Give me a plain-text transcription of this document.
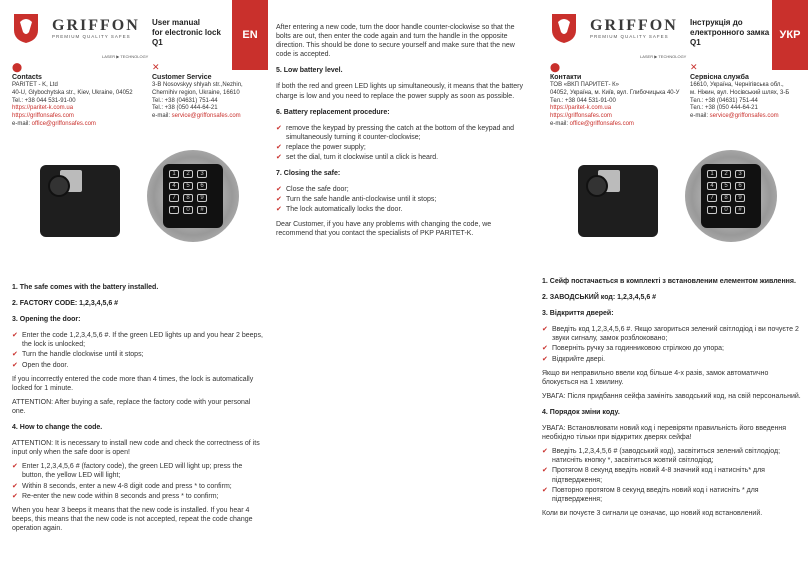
GRIFFON
PREMIUM QUALITY SAFES
LASER ▶ TECHNOLOGY
User manual
for electronic lock
Q1
EN
⬤
Contacts
PARITET - K, Ltd
40-U, Glybochytska str., Kiev, Ukraine, 04052
Tel.: +38 044 531-91-00
https://paritet-k.com.ua
https://griffonsafes.com
e-mail: office@griffonsafes.com
✕
Customer Service
3-B Nosovskyy shlyah str.,Nezhin,
Chernihiv region, Ukraine, 16610
Tel.: +38 (04631) 751-44
Tel.: +38 (050 444-64-21
e-mail: service@griffonsafes.com
1	2	3
4	5	6
7	8	9
*	0	#
1. The safe comes with the battery installed.
2. FACTORY CODE: 1,2,3,4,5,6 #
3. Opening the door:
✔ Enter the code 1,2,3,4,5,6 #. If the green LED lights up and you hear 2 beeps, the lock is unlocked;
✔ Turn the handle clockwise until it stops;
✔ Open the door.
If you incorrectly entered the code more than 4 times, the lock is automatically locked for 1 minute.
ATTENTION: After buying a safe, replace the factory code with your personal one.
4. How to change the code.
ATTENTION: It is necessary to install new code and check the correctness of its input only when the safe door is open!
✔ Enter 1,2,3,4,5,6 # (factory code), the green LED will light up; press the button, the yellow LED will light;
✔ Within 8 seconds, enter a new 4-8 digit code and press * to confirm;
✔ Re-enter the new code within 8 seconds and press * to confirm;
When you hear 3 beeps it means that the new code is installed. If you hear 4 beeps, this means that the new code is not accepted, repeat the code change operation again.
After entering a new code, turn the door handle counter-clockwise so that the bolts are out, then enter the code again and turn the handle in the opposite direction. This should be done to secure yourself and make sure that the new code is accepted.
5. Low battery level.
If both the red and green LED lights up simultaneously, it means that the battery charge is low and you need to replace the power supply as soon as possible.
6. Battery replacement procedure:
✔ remove the keypad by pressing the catch at the bottom of the keypad and simultaneously turning it counter-clockwise;
✔ replace the power supply;
✔ set the dial, turn it clockwise until a click is heard.
7. Closing the safe:
✔ Close the safe door;
✔ Turn the safe handle anti-clockwise until it stops;
✔ The lock automatically locks the door.
Dear Customer, if you have any problems with changing the code, we recommend that you contact the specialists of PKP PARITET-K.
GRIFFON
PREMIUM QUALITY SAFES
LASER ▶ TECHNOLOGY
Інструкція до
електронного замка
Q1
УКР
⬤
Контакти
ТОВ «ВКП ПАРИТЕТ- К»
04052, Україна, м. Київ, вул. Глибочицька 40-У
Тел.: +38 044 531-91-00
https://paritet-k.com.ua
https://griffonsafes.com
e-mail: office@griffonsafes.com
✕
Сервісна служба
16610, Україна, Чернігівська обл.,
м. Ніжин, вул. Носівський шлях, 3-Б
Тел.: +38 (04631) 751-44
Тел.: +38 (050 444-64-21
e-mail: service@griffonsafes.com
1	2	3
4	5	6
7	8	9
*	0	#
1. Сейф постачається в комплекті з встановленим елементом живлення.
2. ЗАВОДСЬКИЙ код: 1,2,3,4,5,6 #
3. Відкриття дверей:
✔ Введіть код 1,2,3,4,5,6 #. Якщо загориться зелений світлодіод і ви почуєте 2 звуки сигналу, замок розблоковано;
✔ Поверніть ручку за годинниковою стрілкою до упора;
✔ Відкрийте двері.
Якщо ви неправильно ввели код більше 4-х разів, замок автоматично блокується на 1 хвилину.
УВАГА: Після придбання сейфа замініть заводський код, на свій персональний.
4. Порядок зміни коду.
УВАГА: Встановлювати новий код і перевіряти правильність його введення необхідно тільки при відкритих дверях сейфа!
✔ Введіть 1,2,3,4,5,6 # (заводський код), засвітиться зелений світлодіод; натисніть кнопку *, засвітиться жовтий світлодіод;
✔ Протягом 8 секунд введіть новий 4-8 значний код і натисніть* для підтвердження;
✔ Повторно протягом 8 секунд введіть новий код і натисніть * для підтвердження;
Коли ви почуєте 3 сигнали це означає, що новий код встановлений.
